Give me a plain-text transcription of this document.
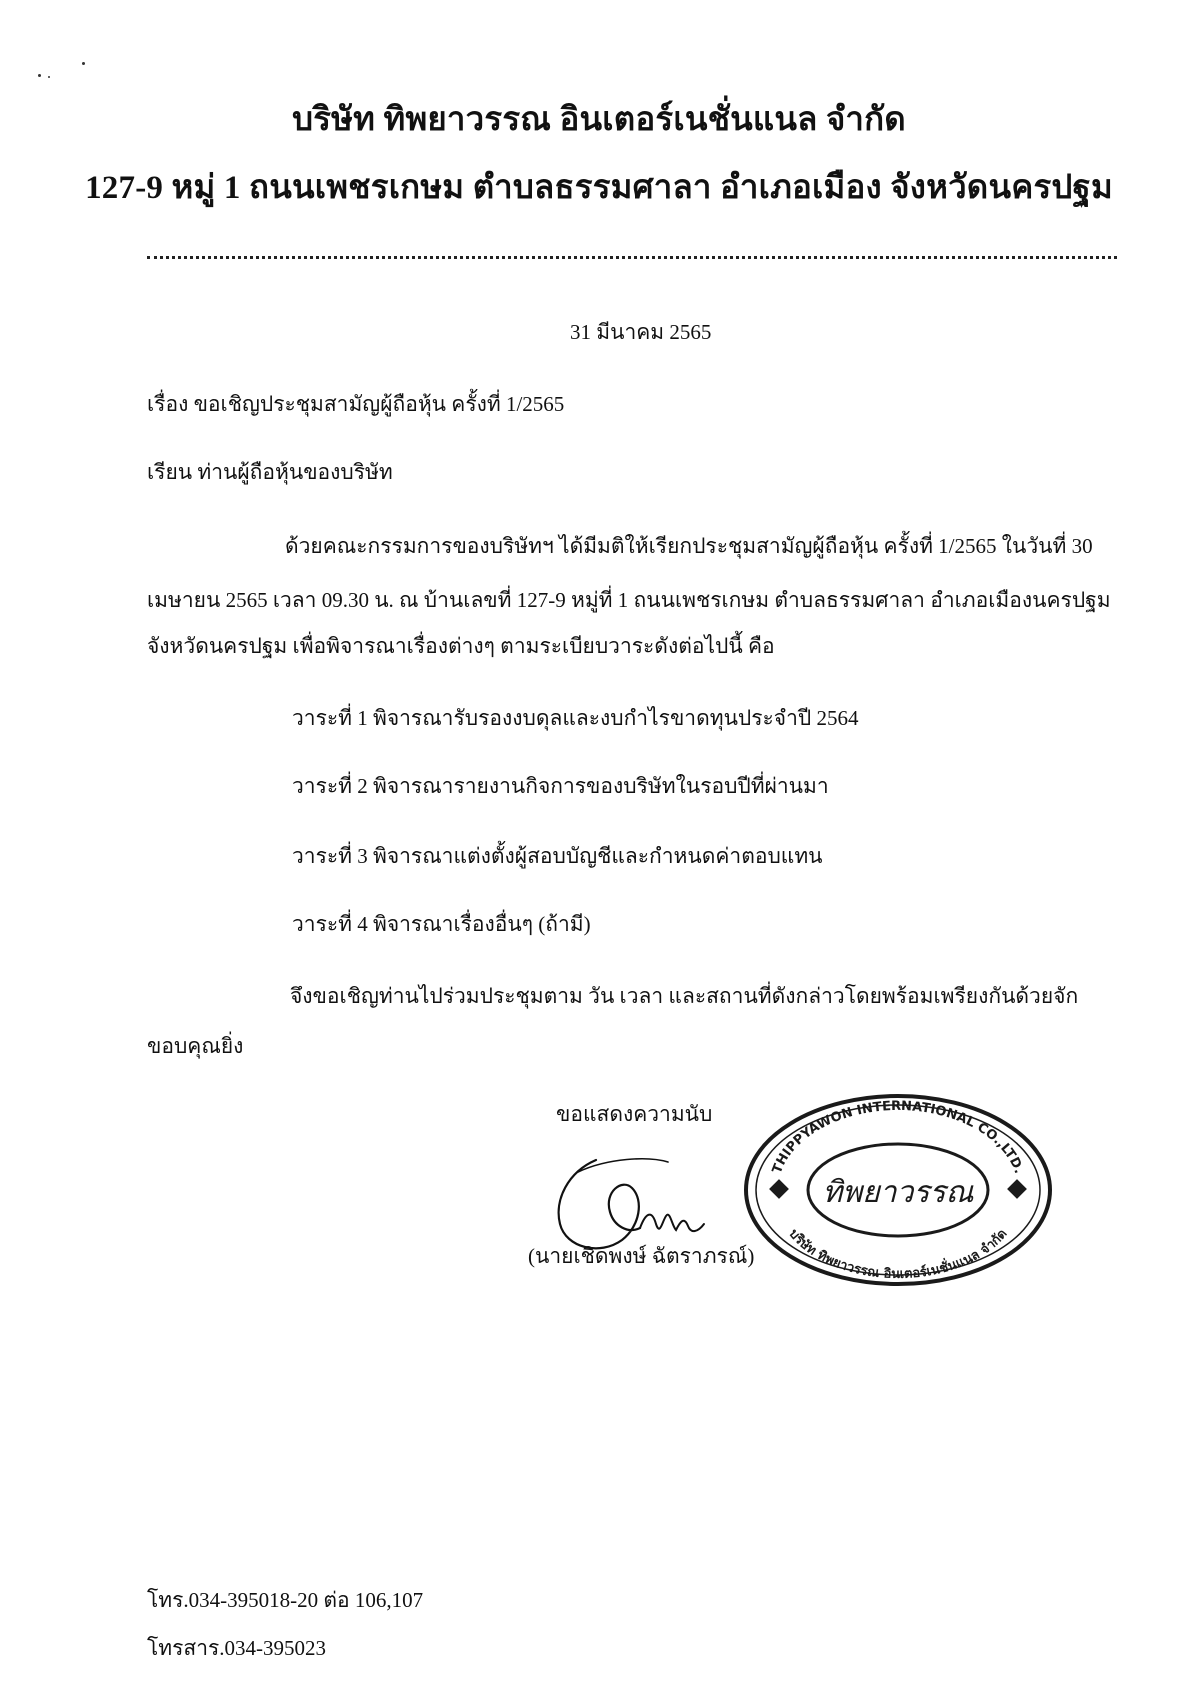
บริษัท ทิพยาวรรณ อินเตอร์เนชั่นแนล จำกัด
127-9 หมู่ 1 ถนนเพชรเกษม ตำบลธรรมศาลา อำเภอเมือง จังหวัดนครปฐม
31 มีนาคม 2565
เรื่อง ขอเชิญประชุมสามัญผู้ถือหุ้น ครั้งที่ 1/2565
เรียน ท่านผู้ถือหุ้นของบริษัท
ด้วยคณะกรรมการของบริษัทฯ ได้มีมติให้เรียกประชุมสามัญผู้ถือหุ้น ครั้งที่ 1/2565 ในวันที่ 30
เมษายน 2565 เวลา 09.30 น. ณ บ้านเลขที่ 127-9 หมู่ที่ 1 ถนนเพชรเกษม ตำบลธรรมศาลา อำเภอเมืองนครปฐม
จังหวัดนครปฐม เพื่อพิจารณาเรื่องต่างๆ ตามระเบียบวาระดังต่อไปนี้ คือ
วาระที่ 1 พิจารณารับรองงบดุลและงบกำไรขาดทุนประจำปี 2564
วาระที่ 2 พิจารณารายงานกิจการของบริษัทในรอบปีที่ผ่านมา
วาระที่ 3 พิจารณาแต่งตั้งผู้สอบบัญชีและกำหนดค่าตอบแทน
วาระที่ 4 พิจารณาเรื่องอื่นๆ (ถ้ามี)
จึงขอเชิญท่านไปร่วมประชุมตาม วัน เวลา และสถานที่ดังกล่าวโดยพร้อมเพรียงกันด้วยจัก
ขอบคุณยิ่ง
ขอแสดงความนับ
(นายเชิดพงษ์ ฉัตราภรณ์)
THIPPYAWON INTERNATIONAL CO.,LTD.
ทิพยาวรรณ
บริษัท ทิพยาวรรณ อินเตอร์เนชั่นแนล จำกัด
โทร.034-395018-20 ต่อ 106,107
โทรสาร.034-395023
